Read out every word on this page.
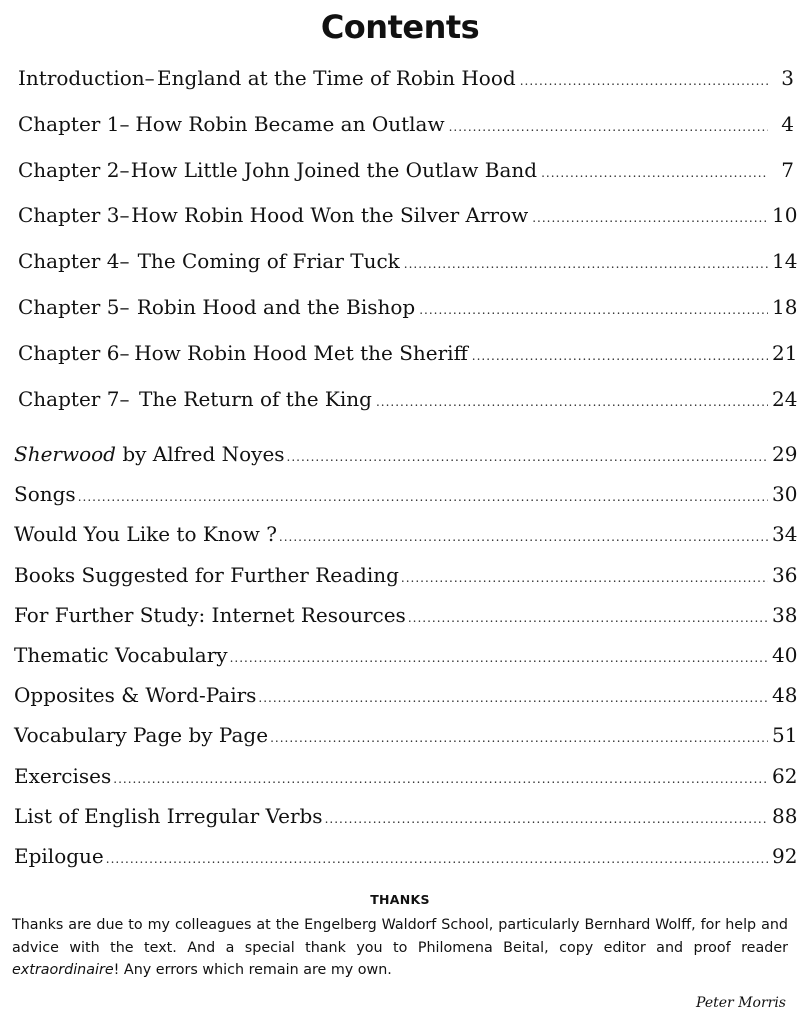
Contents
Introduction – England at the Time of Robin Hood .....	3
Chapter 1 – How Robin Became an Outlaw .....	4
Chapter 2 – How Little John Joined the Outlaw Band .....	7
Chapter 3 – How Robin Hood Won the Silver Arrow .....	10
Chapter 4 – The Coming of Friar Tuck .....	14
Chapter 5 – Robin Hood and the Bishop .....	18
Chapter 6 – How Robin Hood Met the Sheriff .....	21
Chapter 7 – The Return of the King .....	24
Sherwood by Alfred Noyes .....	29
Songs .....	30
Would You Like to Know ? .....	34
Books Suggested for Further Reading .....	36
For Further Study: Internet Resources .....	38
Thematic Vocabulary .....	40
Opposites & Word-Pairs .....	48
Vocabulary Page by Page .....	51
Exercises .....	62
List of English Irregular Verbs .....	88
Epilogue .....	92
THANKS
Thanks are due to my colleagues at the Engelberg Waldorf School, particularly Bernhard Wolff, for help and advice with the text. And a special thank you to Philomena Beital, copy editor and proof reader extraordinaire! Any errors which remain are my own.
Peter Morris
